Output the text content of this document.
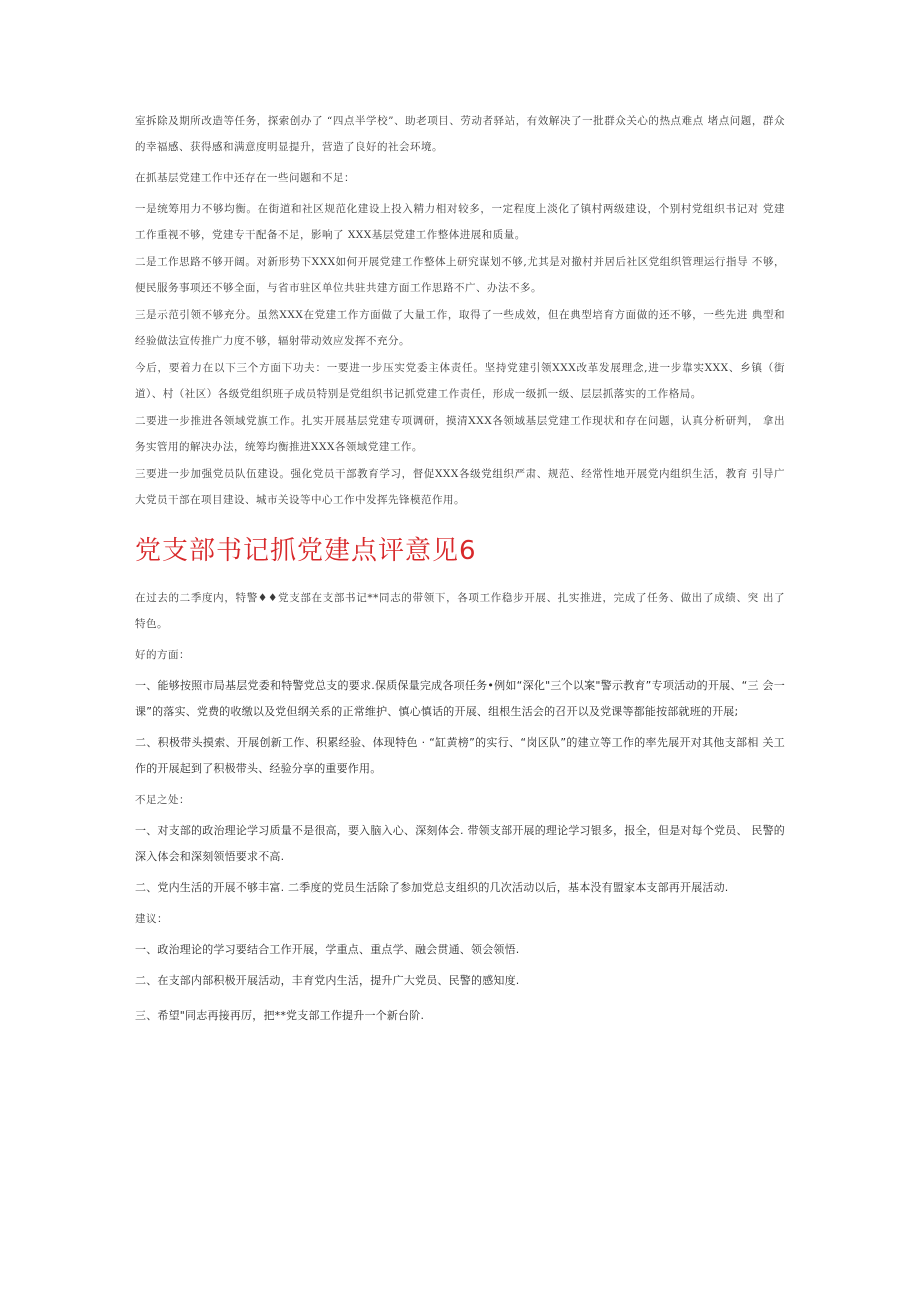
室拆除及期所改造等任务，探索创办了 “四点半学校”、助老项目、劳动者驿站，有效解决了一批群众关心的热点难点 堵点问题，群众的幸福感、获得感和满意度明显提升，营造了良好的社会环境。

在抓基层党建工作中还存在一些问题和不足：

一是统筹用力不够均衡。在街道和社区规范化建设上投入精力相对较多，一定程度上淡化了镇村两级建设，个别村党组织书记对 党建工作重视不够，党建专干配备不足，影响了 XXX基层党建工作整体进展和质量。

二是工作思路不够开阔。对新形势下XXX如何开展党建工作整体上研究谋划不够,尤其是对撤村并居后社区党组织管理运行指导 不够，便民服务事项还不够全面，与省市驻区单位共驻共建方面工作思路不广、办法不多。

三是示范引领不够充分。虽然XXX在党建工作方面做了大量工作，取得了一些成效，但在典型培育方面做的还不够，一些先进 典型和经验做法宣传推广力度不够，辐射带动效应发挥不充分。

今后，要着力在以下三个方面下功夫：一要进一步压实党委主体责任。坚持党建引领XXX改革发展理念,进一步靠实XXX、乡镇（街 道）、村（社区）各级党组织班子成员特别是党组织书记抓党建工作责任，形成一级抓一级、层层抓落实的工作格局。

二要进一步推进各领域党旗工作。扎实开展基层党建专项调研，摸清XXX各领域基层党建工作现状和存在问题，认真分析研判， 拿出务实管用的解决办法，统筹均衡推进XXX各领域党建工作。

三要进一步加强党员队伍建设。强化党员干部教育学习，督促XXX各级党组织严肃、规范、经常性地开展党内组织生活，教育 引导广大党员干部在项目建设、城市关设等中心工作中发挥先锋模范作用。

党支部书记抓党建点评意见6

在过去的二季度内，特警♦♦党支部在支部书记**同志的带领下，各项工作稳步开展、扎实推进，完成了任务、做出了成绩、突 出了特色。

好的方面：

一、能够按照市局基层党委和特警党总支的要求.保质保量完成各项任务•例如“深化"三个以案"警示教育”专项活动的开展、“三 会一课”的落实、党费的收缴以及党但纲关系的正常维护、慎心慎话的开展、组根生活会的召开以及党课等都能按部就班的开展;

二、积极带头摸索、开展创新工作、积累经验、体现特色 · “缸黄榜”的实行、“岗区队”的建立等工作的率先展开对其他支部相 关工作的开展起到了积极带头、经验分享的重要作用。

不足之处：

一、对支部的政治理论学习质量不是很高，要入脑入心、深刻体会. 带领支部开展的理论学习银多，报全，但是对每个党员、 民警的深入体会和深刻领悟要求不高.

二、党内生活的开展不够丰富. 二季度的党员生活除了参加党总支组织的几次活动以后，基本没有盟家本支部再开展活动.

建议：

一、政治理论的学习要结合工作开展，学重点、重点学、融会贯通、领会领悟.

二、在支部内部积极开展活动，丰育党内生活，提升广大党员、民警的感知度.

三、希望"同志再接再厉，把**党支部工作提升一个新台阶.
